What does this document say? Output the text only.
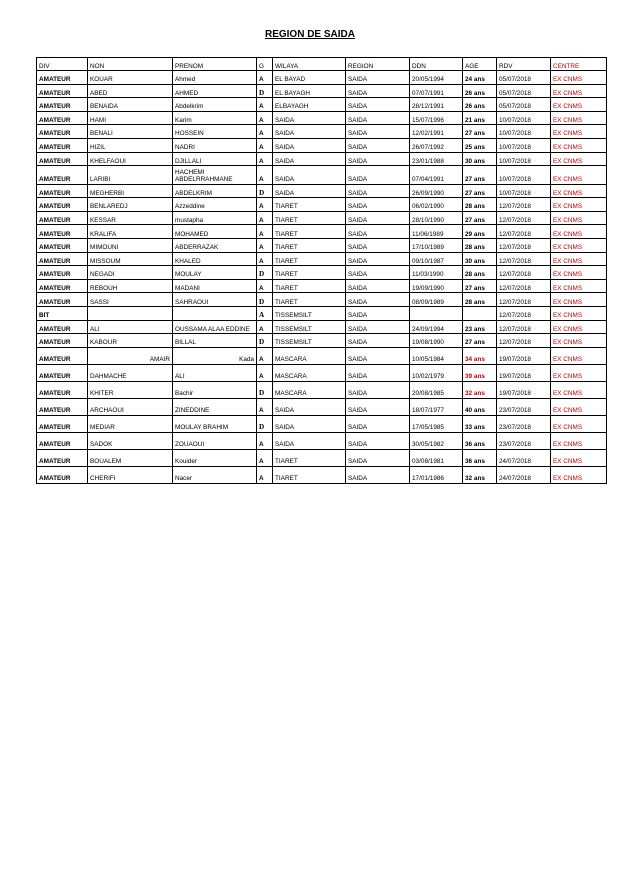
REGION DE SAIDA
DIV	NON	PRENOM	G	WILAYA	REGION	DDN	AGE	RDV	CENTRE
AMATEUR	KOUAR	Ahmed	A	EL BAYAD	SAIDA	20/05/1994	24 ans	05/07/2018	EX CNMS
AMATEUR	ABED	AHMED	D	EL BAYAGH	SAIDA	07/07/1991	26 ans	05/07/2018	EX CNMS
AMATEUR	BENAIDA	Abdelkrim	A	ELBAYAGH	SAIDA	28/12/1991	26 ans	05/07/2018	EX CNMS
AMATEUR	HAMI	Karim	A	SAIDA	SAIDA	15/07/1996	21 ans	10/07/2018	EX CNMS
AMATEUR	BENALI	HOSSEIN	A	SAIDA	SAIDA	12/02/1991	27 ans	10/07/2018	EX CNMS
AMATEUR	HIZIL	NADRI	A	SAIDA	SAIDA	26/07/1992	25 ans	10/07/2018	EX CNMS
AMATEUR	KHELFAOUI	DJILLALI	A	SAIDA	SAIDA	23/01/1988	30 ans	10/07/2018	EX CNMS
AMATEUR	LARIBI	HACHEMI ABDELRRAHMANE	A	SAIDA	SAIDA	07/04/1991	27 ans	10/07/2018	EX CNMS
AMATEUR	MEGHERBI	ABDELKRIM	D	SAIDA	SAIDA	26/09/1990	27 ans	10/07/2018	EX CNMS
AMATEUR	BENLAREDJ	Azzeddine	A	TIARET	SAIDA	06/02/1990	28 ans	12/07/2018	EX CNMS
AMATEUR	KESSAR	mustapha	A	TIARET	SAIDA	28/10/1990	27 ans	12/07/2018	EX CNMS
AMATEUR	KRALIFA	MOHAMED	A	TIARET	SAIDA	11/06/1989	29 ans	12/07/2018	EX CNMS
AMATEUR	MIMOUNI	ABDERRAZAK	A	TIARET	SAIDA	17/10/1989	28 ans	12/07/2018	EX CNMS
AMATEUR	MISSOUM	KHALED	A	TIARET	SAIDA	09/10/1987	30 ans	12/07/2018	EX CNMS
AMATEUR	NEGADI	MOULAY	D	TIARET	SAIDA	11/03/1990	28 ans	12/07/2018	EX CNMS
AMATEUR	REBOUH	MADANI	A	TIARET	SAIDA	19/09/1990	27 ans	12/07/2018	EX CNMS
AMATEUR	SASSI	SAHRAOUI	D	TIARET	SAIDA	08/09/1989	28 ans	12/07/2018	EX CNMS
BIT			A	TISSEMSILT	SAIDA			12/07/2018	EX CNMS
AMATEUR	ALI	OUSSAMA ALAA EDDINE	A	TISSEMSILT	SAIDA	24/09/1994	23 ans	12/07/2018	EX CNMS
AMATEUR	KABOUR	BILLAL	D	TISSEMSILT	SAIDA	19/08/1990	27 ans	12/07/2018	EX CNMS
AMATEUR	AMAIR	Kada	A	MASCARA	SAIDA	10/05/1984	34 ans	19/07/2018	EX CNMS
AMATEUR	DAHMACHE	ALI	A	MASCARA	SAIDA	10/02/1979	39 ans	19/07/2018	EX CNMS
AMATEUR	KHITER	Bachir	D	MASCARA	SAIDA	20/08/1985	32 ans	19/07/2018	EX CNMS
AMATEUR	ARCHAOUI	ZINEDDINE	A	SAIDA	SAIDA	18/07/1977	40 ans	23/07/2018	EX CNMS
AMATEUR	MEDIAR	MOULAY BRAHIM	D	SAIDA	SAIDA	17/05/1985	33 ans	23/07/2018	EX CNMS
AMATEUR	SADOK	ZOUAOUI	A	SAIDA	SAIDA	30/05/1982	36 ans	23/07/2018	EX CNMS
AMATEUR	BOUALEM	Kouider	A	TIARET	SAIDA	03/08/1981	36 ans	24/07/2018	EX CNMS
AMATEUR	CHERIFI	Nacer	A	TIARET	SAIDA	17/01/1986	32 ans	24/07/2018	EX CNMS
